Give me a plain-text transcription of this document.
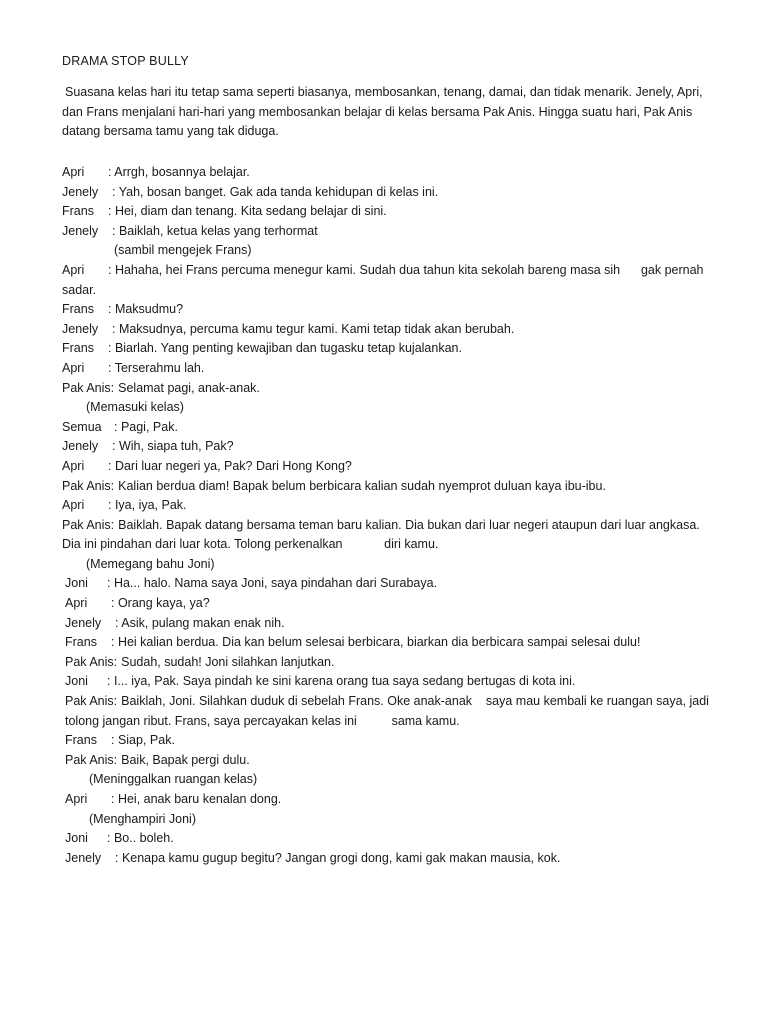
DRAMA STOP BULLY
Suasana kelas hari itu tetap sama seperti biasanya, membosankan, tenang, damai, dan tidak menarik. Jenely, Apri, dan Frans menjalani hari-hari yang membosankan belajar di kelas bersama Pak Anis. Hingga suatu hari, Pak Anis datang bersama tamu yang tak diduga.
Apri : Arrgh, bosannya belajar.
Jenely : Yah, bosan banget. Gak ada tanda kehidupan di kelas ini.
Frans : Hei, diam dan tenang. Kita sedang belajar di sini.
Jenely : Baiklah, ketua kelas yang terhormat
(sambil mengejek Frans)
Apri : Hahaha, hei Frans percuma menegur kami. Sudah dua tahun kita sekolah bareng masa sih      gak pernah sadar.
Frans : Maksudmu?
Jenely : Maksudnya, percuma kamu tegur kami. Kami tetap tidak akan berubah.
Frans : Biarlah. Yang penting kewajiban dan tugasku tetap kujalankan.
Apri : Terserahmu lah.
Pak Anis: Selamat pagi, anak-anak.
(Memasuki kelas)
Semua : Pagi, Pak.
Jenely : Wih, siapa tuh, Pak?
Apri : Dari luar negeri ya, Pak? Dari Hong Kong?
Pak Anis: Kalian berdua diam! Bapak belum berbicara kalian sudah nyemprot duluan kaya ibu-ibu.
Apri : Iya, iya, Pak.
Pak Anis: Baiklah. Bapak datang bersama teman baru kalian. Dia bukan dari luar negeri ataupun dari luar angkasa. Dia ini pindahan dari luar kota. Tolong perkenalkan            diri kamu.
(Memegang bahu Joni)
Joni : Ha... halo. Nama saya Joni, saya pindahan dari Surabaya.
Apri : Orang kaya, ya?
Jenely : Asik, pulang makan enak nih.
Frans : Hei kalian berdua. Dia kan belum selesai berbicara, biarkan dia berbicara sampai selesai dulu!
Pak Anis: Sudah, sudah! Joni silahkan lanjutkan.
Joni : I... iya, Pak. Saya pindah ke sini karena orang tua saya sedang bertugas di kota ini.
Pak Anis: Baiklah, Joni. Silahkan duduk di sebelah Frans. Oke anak-anak    saya mau kembali ke ruangan saya, jadi tolong jangan ribut. Frans, saya percayakan kelas ini          sama kamu.
Frans : Siap, Pak.
Pak Anis: Baik, Bapak pergi dulu.
(Meninggalkan ruangan kelas)
Apri : Hei, anak baru kenalan dong.
(Menghampiri Joni)
Joni : Bo.. boleh.
Jenely : Kenapa kamu gugup begitu? Jangan grogi dong, kami gak makan mausia, kok.
